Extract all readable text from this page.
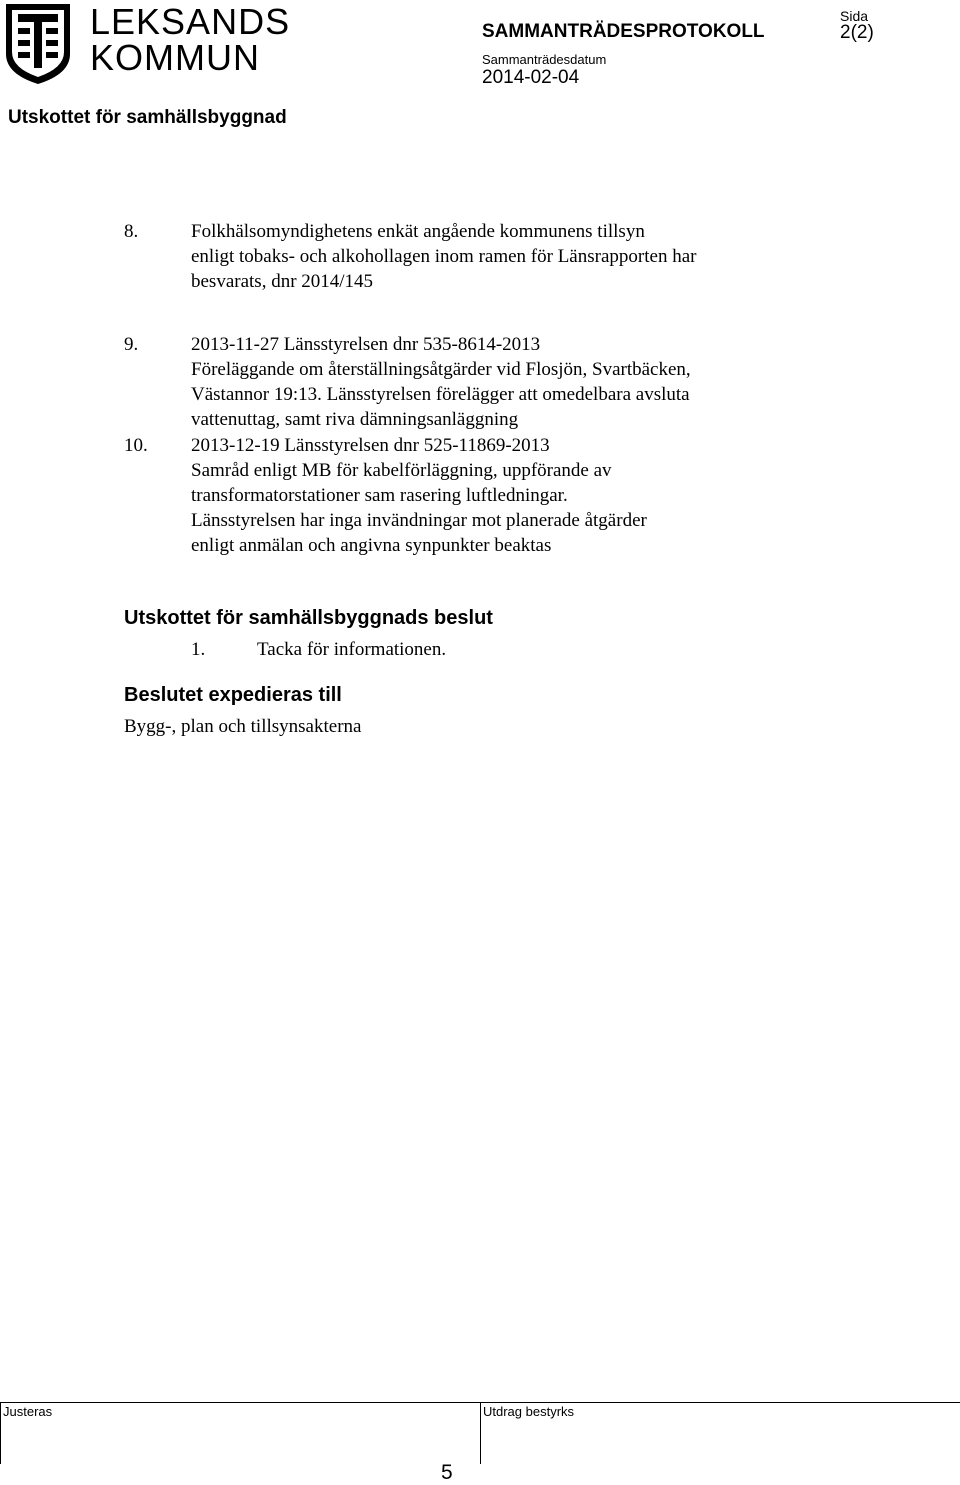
LEKSANDS
KOMMUN
SAMMANTRÄDESPROTOKOLL
Sida
2(2)
Sammanträdesdatum
2014-02-04
Utskottet för samhällsbyggnad
8.	Folkhälsomyndighetens enkät angående kommunens tillsyn
enligt tobaks- och alkohollagen inom ramen för Länsrapporten har
besvarats, dnr 2014/145
9.	2013-11-27 Länsstyrelsen dnr 535-8614-2013
Föreläggande om återställningsåtgärder vid Flosjön, Svartbäcken,
Västannor 19:13. Länsstyrelsen förelägger att omedelbara avsluta
vattenuttag, samt riva dämningsanläggning
10. 2013-12-19 Länsstyrelsen dnr 525-11869-2013
Samråd enligt MB för kabelförläggning, uppförande av
transformatorstationer sam rasering luftledningar.
Länsstyrelsen har inga invändningar mot planerade åtgärder
enligt anmälan och angivna synpunkter beaktas
Utskottet för samhällsbyggnads beslut
1.	Tacka för informationen.
Beslutet expedieras till
Bygg-, plan och tillsynsakterna
Justeras	Utdrag bestyrks
5
